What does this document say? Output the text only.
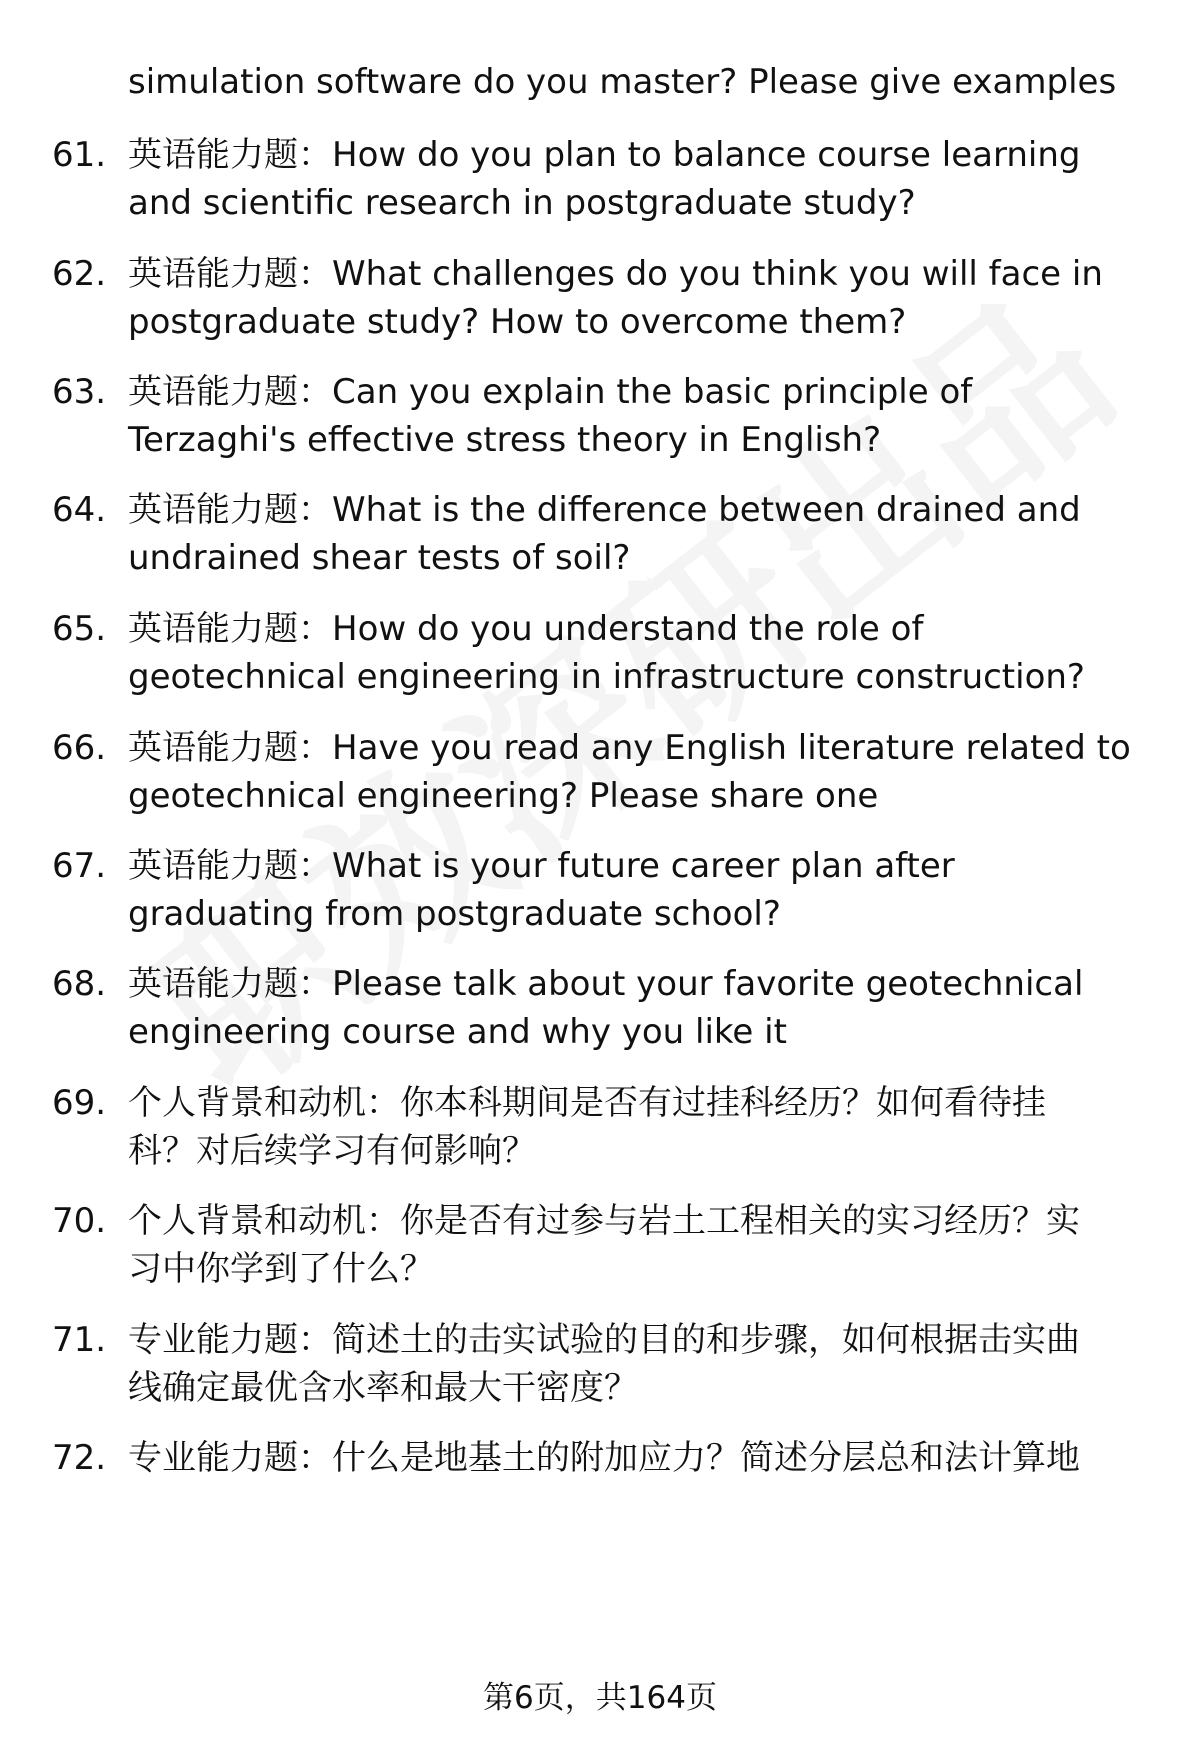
simulation software do you master? Please give examples
61. 英语能力题：How do you plan to balance course learning
and scientific research in postgraduate study?
62. 英语能力题：What challenges do you think you will face in
postgraduate study? How to overcome them?
63. 英语能力题：Can you explain the basic principle of
Terzaghi's effective stress theory in English?
64. 英语能力题：What is the difference between drained and
undrained shear tests of soil?
65. 英语能力题：How do you understand the role of
geotechnical engineering in infrastructure construction?
66. 英语能力题：Have you read any English literature related to
geotechnical engineering? Please share one
67. 英语能力题：What is your future career plan after
graduating from postgraduate school?
68. 英语能力题：Please talk about your favorite geotechnical
engineering course and why you like it
69. 个人背景和动机：你本科期间是否有过挂科经历？如何看待挂
科？对后续学习有何影响？
70. 个人背景和动机：你是否有过参与岩土工程相关的实习经历？实
习中你学到了什么？
71. 专业能力题：简述土的击实试验的目的和步骤，如何根据击实曲
线确定最优含水率和最大干密度？
72. 专业能力题：什么是地基土的附加应力？简述分层总和法计算地
第6页，共164页
